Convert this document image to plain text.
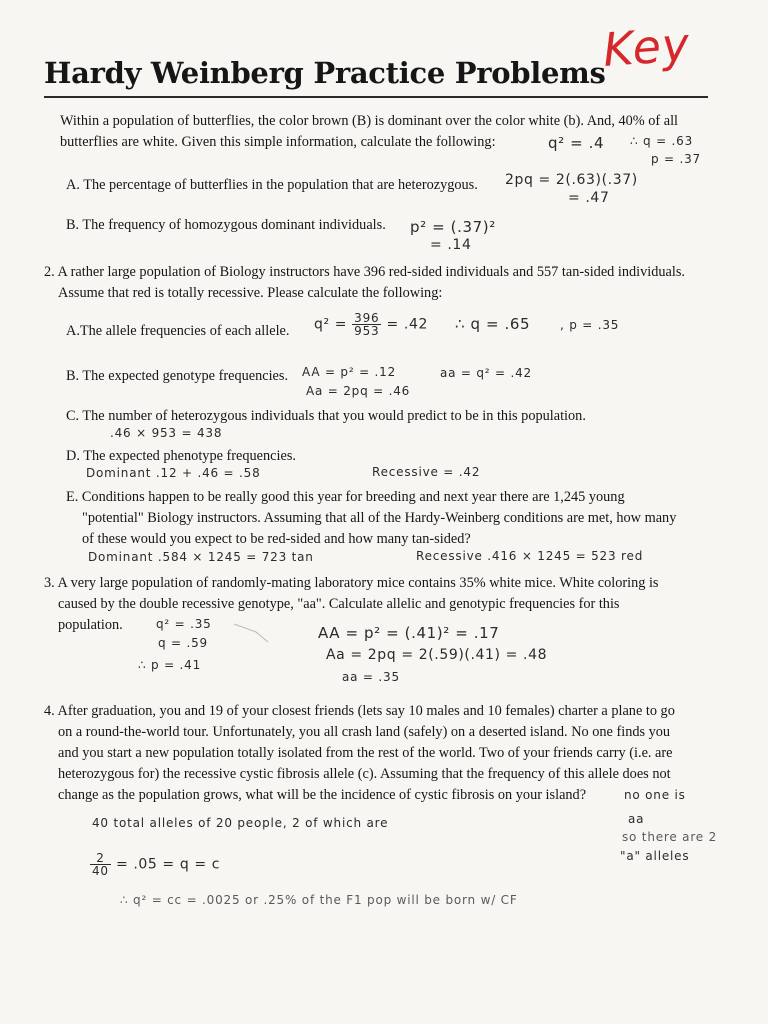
Hardy Weinberg Practice Problems
Key
Within a population of butterflies, the color brown (B) is dominant over the color white (b). And, 40% of all
butterflies are white. Given this simple information, calculate the following:	q² = .4 ∴ q = .63
p = .37
A. The percentage of butterflies in the population that are heterozygous. 2pq = 2(.63)(.37)
= .47
B. The frequency of homozygous dominant individuals. p² = (.37)²
= .14
2. A rather large population of Biology instructors have 396 red-sided individuals and 557 tan-sided individuals.
Assume that red is totally recessive. Please calculate the following:
A.The allele frequencies of each allele. $q^2 = \frac{396}{953} = .42$ ∴ q = .65 , p = .35
B. The expected genotype frequencies. AA = p² = .12
Aa = 2pq = .46
aa = q² = .42
C. The number of heterozygous individuals that you would predict to be in this population.
.46 × 953 = 438
D. The expected phenotype frequencies.
Dominant .12 + .46 = .58	Recessive = .42
E. Conditions happen to be really good this year for breeding and next year there are 1,245 young
"potential" Biology instructors. Assuming that all of the Hardy-Weinberg conditions are met, how many
of these would you expect to be red-sided and how many tan-sided?
Dominant .584 × 1245 = 723 tan	Recessive .416 × 1245 = 523 red
3. A very large population of randomly-mating laboratory mice contains 35% white mice. White coloring is
caused by the double recessive genotype, "aa". Calculate allelic and genotypic frequencies for this
population.	q² = .35
q = .59
∴ p = .41
AA = p² = (.41)² = .17
Aa = 2pq = 2(.59)(.41) = .48
aa = .35
4. After graduation, you and 19 of your closest friends (lets say 10 males and 10 females) charter a plane to go
on a round-the-world tour. Unfortunately, you all crash land (safely) on a deserted island. No one finds you
and you start a new population totally isolated from the rest of the world. Two of your friends carry (i.e. are
heterozygous for) the recessive cystic fibrosis allele (c). Assuming that the frequency of this allele does not
change as the population grows, what will be the incidence of cystic fibrosis on your island?	no one is
40 total alleles of 20 people, 2 of which are	aa
so there are 2
"a" alleles
$\frac{2}{40} = .05 = q = c$
∴ q² = cc = .0025 or .25% of the F1 pop will be born w/ CF
